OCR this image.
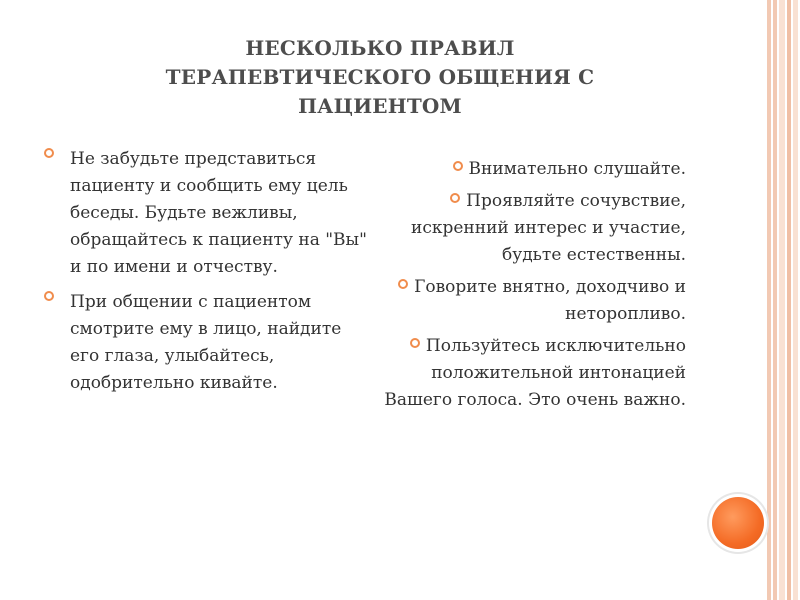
НЕСКОЛЬКО ПРАВИЛ ТЕРАПЕВТИЧЕСКОГО ОБЩЕНИЯ С ПАЦИЕНТОМ
Не забудьте представиться пациенту и сообщить ему цель беседы. Будьте вежливы, обращайтесь к пациенту на "Вы" и по имени и отчеству.
При общении с пациентом смотрите ему в лицо, найдите его глаза, улыбайтесь, одобрительно кивайте.
Внимательно слушайте.
Проявляйте сочувствие, искренний интерес и участие, будьте естественны.
Говорите внятно, доходчиво и неторопливо.
Пользуйтесь исключительно положительной интонацией Вашего голоса. Это очень важно.
